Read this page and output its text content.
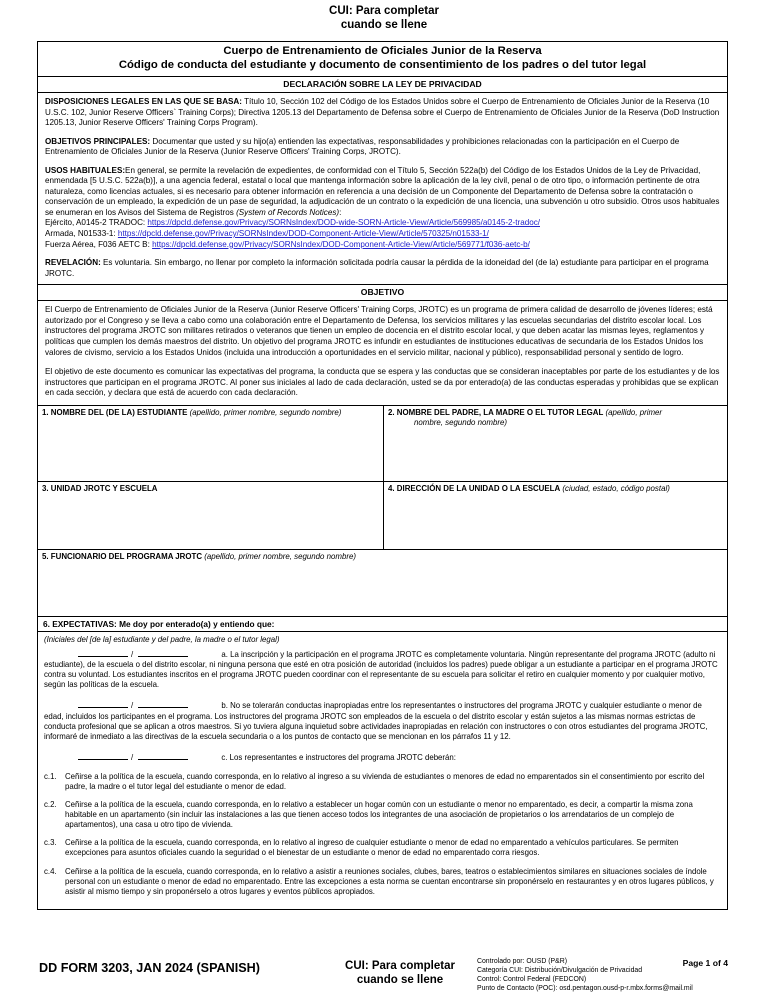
CUI: Para completar
cuando se llene
Cuerpo de Entrenamiento de Oficiales Junior de la Reserva
Código de conducta del estudiante y documento de consentimiento de los padres o del tutor legal
DECLARACIÓN SOBRE LA LEY DE PRIVACIDAD

DISPOSICIONES LEGALES EN LAS QUE SE BASA: Título 10, Sección 102 del Código de los Estados Unidos sobre el Cuerpo de Entrenamiento de Oficiales Junior de la Reserva (10 U.S.C. 102, Junior Reserve Officers` Training Corps); Directiva 1205.13 del Departamento de Defensa sobre el Cuerpo de Entrenamiento de Oficiales Junior de la Reserva (DoD Instruction 1205.13, Junior Reserve Officers' Training Corps Program).

OBJETIVOS PRINCIPALES: Documentar que usted y su hijo(a) entienden las expectativas, responsabilidades y prohibiciones relacionadas con la participación en el Cuerpo de Entrenamiento de Oficiales Junior de la Reserva (Junior Reserve Officers' Training Corps, JROTC).

USOS HABITUALES:En general, se permite la revelación de expedientes, de conformidad con el Título 5, Sección 522a(b) del Código de los Estados Unidos de la Ley de Privacidad, enmendada [5 U.S.C. 522a(b)], a una agencia federal, estatal o local que mantenga información sobre la aplicación de la ley civil, penal o de otro tipo, o información pertinente de otra naturaleza, como licencias actuales, si es necesario para obtener información en referencia a una decisión de un Componente del Departamento de Defensa sobre la contratación o conservación de un empleado, la expedición de un pase de seguridad, la adjudicación de un contrato o la expedición de una licencia, una subvención u otro subsidio. Otros usos habituales se enumeran en los Avisos del Sistema de Registros (System of Records Notices):

Ejército, A0145-2 TRADOC: https://dpcld.defense.gov/Privacy/SORNsIndex/DOD-wide-SORN-Article-View/Article/569985/a0145-2-tradoc/

Armada, N01533-1: https://dpcld.defense.gov/Privacy/SORNsIndex/DOD-Component-Article-View/Article/570325/n01533-1/

Fuerza Aérea, F036 AETC B: https://dpcld.defense.gov/Privacy/SORNsIndex/DOD-Component-Article-View/Article/569771/f036-aetc-b/

REVELACIÓN: Es voluntaria. Sin embargo, no llenar por completo la información solicitada podría causar la pérdida de la idoneidad del (de la) estudiante para participar en el programa JROTC.

OBJETIVO

El Cuerpo de Entrenamiento de Oficiales Junior de la Reserva (Junior Reserve Officers' Training Corps, JROTC) es un programa de primera calidad de desarrollo de jóvenes líderes; está autorizado por el Congreso y se lleva a cabo como una colaboración entre el Departamento de Defensa, los servicios militares y las escuelas secundarias del distrito escolar local. Los instructores del programa JROTC son militares retirados o veteranos que tienen un empleo de docencia en el distrito escolar local, y que deben acatar las mismas leyes, reglamentos y políticas que cumplen los demás maestros del distrito. Un objetivo del programa JROTC es infundir en estudiantes de instituciones educativas de secundaria de los Estados Unidos los valores de civismo, servicio a los Estados Unidos (incluida una introducción a oportunidades en el servicio militar, nacional y público), responsabilidad personal y sentido de logro.

El objetivo de este documento es comunicar las expectativas del programa, la conducta que se espera y las conductas que se consideran inaceptables por parte de los estudiantes y de los instructores que participan en el programa JROTC. Al poner sus iniciales al lado de cada declaración, usted se da por enterado(a) de las conductas esperadas y prohibidas que se explican en cada sección, y declara que está de acuerdo con cada declaración.

1. NOMBRE DEL (DE LA) ESTUDIANTE (apellido, primer nombre, segundo nombre)	2. NOMBRE DEL PADRE, LA MADRE O EL TUTOR LEGAL (apellido, primer
nombre, segundo nombre)
3. UNIDAD JROTC Y ESCUELA	4. DIRECCIÓN DE LA UNIDAD O LA ESCUELA (ciudad, estado, código postal)
5. FUNCIONARIO DEL PROGRAMA JROTC (apellido, primer nombre, segundo nombre)
6. EXPECTATIVAS: Me doy por enterado(a) y entiendo que:

(Iniciales del [de la] estudiante y del padre, la madre o el tutor legal)

/	a. La inscripción y la participación en el programa JROTC es completamente voluntaria. Ningún representante del programa JROTC (adulto ni estudiante), de la escuela o del distrito escolar, ni ninguna persona que esté en otra posición de autoridad (incluidos los padres) puede obligar a un estudiante a participar en el programa JROTC contra su voluntad. Los estudiantes inscritos en el programa JROTC pueden coordinar con el representante de su escuela para solicitar el retiro en cualquier momento y por cualquier motivo, según las políticas de la escuela.

/	b. No se tolerarán conductas inapropiadas entre los representantes o instructores del programa JROTC y cualquier estudiante o menor de edad, incluidos los participantes en el programa. Los instructores del programa JROTC son empleados de la escuela o del distrito escolar y están sujetos a las mismas normas estrictas de conducta profesional que se aplican a otros maestros. Si yo tuviera alguna inquietud sobre actividades inapropiadas en relación con instructores o con otros estudiantes del programa JROTC, informaré de inmediato a las directivas de la escuela secundaria o a los puntos de contacto que se mencionan en los párrafos 11 y 12.

/	c. Los representantes e instructores del programa JROTC deberán:

c.1. Ceñirse a la política de la escuela, cuando corresponda, en lo relativo al ingreso a su vivienda de estudiantes o menores de edad no emparentados sin el consentimiento por escrito del padre, la madre o el tutor legal del estudiante o menor de edad.

c.2. Ceñirse a la política de la escuela, cuando corresponda, en lo relativo a establecer un hogar común con un estudiante o menor no emparentado, es decir, a compartir la misma zona habitable en un apartamento (sin incluir las instalaciones a las que tienen acceso todos los integrantes de una asociación de propietarios o los arrendatarios de un complejo de apartamentos), una casa u otro tipo de vivienda.

c.3. Ceñirse a la política de la escuela, cuando corresponda, en lo relativo al ingreso de cualquier estudiante o menor de edad no emparentado a vehículos particulares. Se permiten excepciones para asuntos oficiales cuando la seguridad o el bienestar de un estudiante o menor de edad no emparentado corra riesgos.

c.4. Ceñirse a la política de la escuela, cuando corresponda, en lo relativo a asistir a reuniones sociales, clubes, bares, teatros o establecimientos similares en situaciones sociales de índole personal con un estudiante o menor de edad no emparentado. Entre las excepciones a esta norma se cuentan encontrarse sin proponérselo en restaurantes y en otros lugares públicos, y asistir al mismo tiempo y sin proponérselo a otros lugares y eventos públicos apropiados.

DD FORM 3203, JAN 2024 (SPANISH)	CUI: Para completar
cuando se llene
Controlado por: OUSD (P&R)
Categoría CUI: Distribución/Divulgación de Privacidad
Control: Control Federal (FEDCON)
Punto de Contacto (POC): osd.pentagon.ousd-p-r.mbx.forms@mail.mil
Page 1 of 4
